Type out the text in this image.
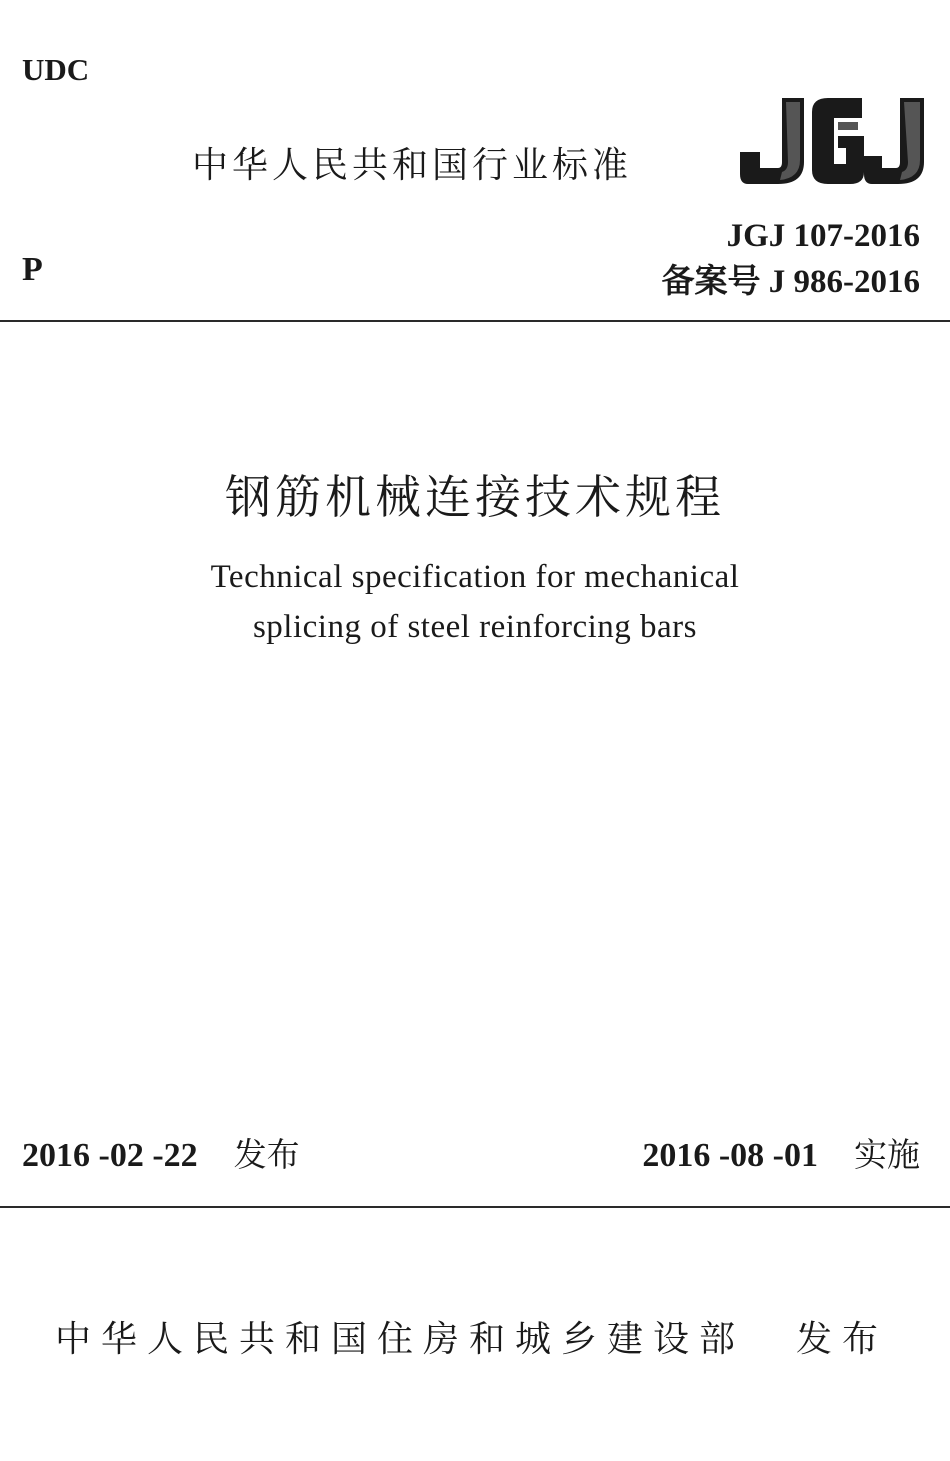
UDC
中华人民共和国行业标准
JGJ 107-2016
P	备案号 J 986-2016
钢筋机械连接技术规程
Technical specification for mechanical
splicing of steel reinforcing bars
2016 -02 -22 发布	2016 -08 -01 实施
中华人民共和国住房和城乡建设部 发布
